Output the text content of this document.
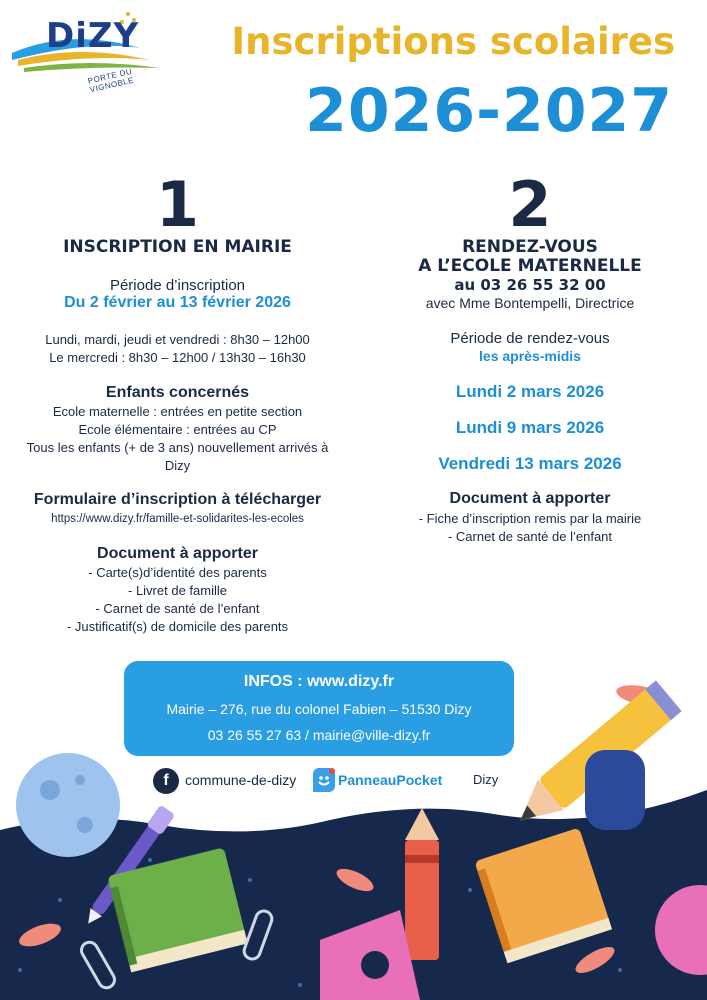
DiZY
PORTE DU VIGNOBLE
Inscriptions scolaires
2026-2027
1
INSCRIPTION EN MAIRIE
Période d’inscription
Du 2 février au 13 février 2026
Lundi, mardi, jeudi et vendredi : 8h30 – 12h00
Le mercredi : 8h30 – 12h00 / 13h30 – 16h30
Enfants concernés
Ecole maternelle : entrées en petite section
Ecole élémentaire : entrées au CP
Tous les enfants (+ de 3 ans) nouvellement arrivés à
Dizy
Formulaire d’inscription à télécharger
https://www.dizy.fr/famille-et-solidarites-les-ecoles
Document à apporter
- Carte(s)d’identité des parents
- Livret de famille
- Carnet de santé de l’enfant
- Justificatif(s) de domicile des parents
2
RENDEZ-VOUS
A L’ECOLE MATERNELLE
au 03 26 55 32 00
avec Mme Bontempelli, Directrice
Période de rendez-vous
les après-midis
Lundi 2 mars 2026
Lundi 9 mars 2026
Vendredi 13 mars 2026
Document à apporter
- Fiche d’inscription remis par la mairie
- Carnet de santé de l’enfant
INFOS : www.dizy.fr
Mairie – 276, rue du colonel Fabien – 51530 Dizy
03 26 55 27 63 / mairie@ville-dizy.fr
f	commune-de-dizy	PanneauPocket Dizy
